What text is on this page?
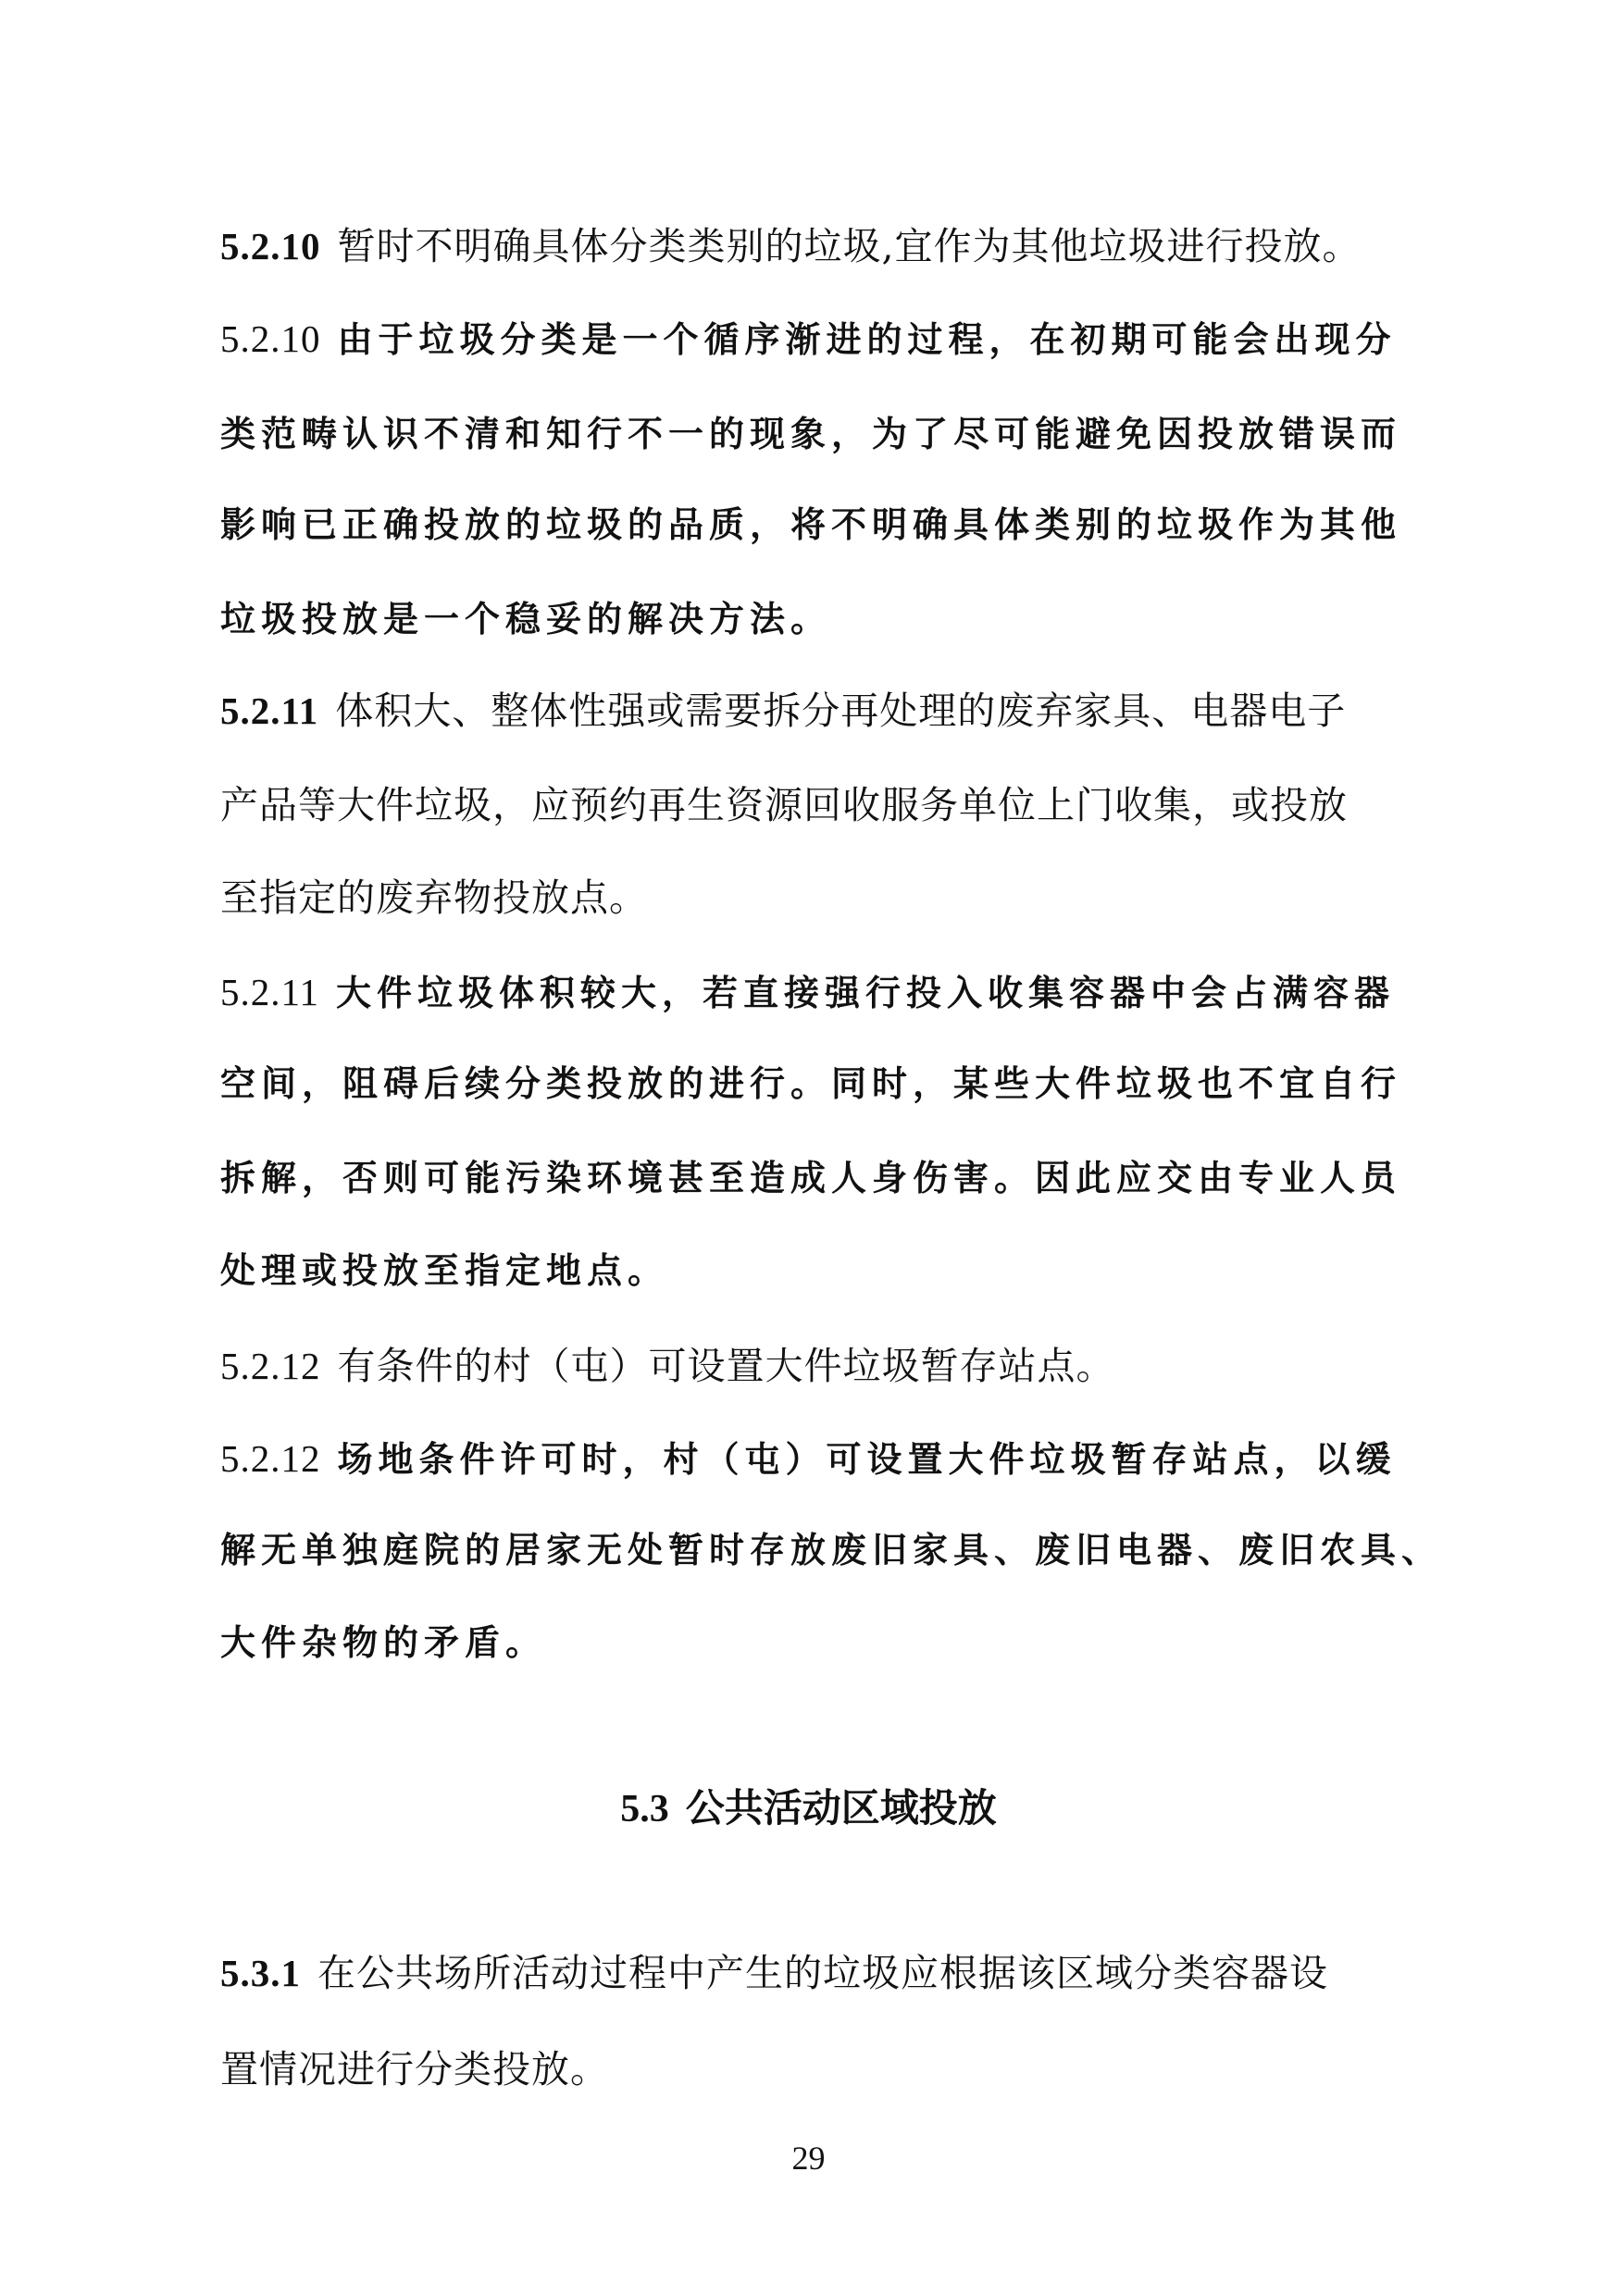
5.2.10 暂时不明确具体分类类别的垃圾,宜作为其他垃圾进行投放。
5.2.10 由于垃圾分类是一个循序渐进的过程，在初期可能会出现分
类范畴认识不清和知行不一的现象，为了尽可能避免因投放错误而
影响已正确投放的垃圾的品质，将不明确具体类别的垃圾作为其他
垃圾投放是一个稳妥的解决方法。
5.2.11 体积大、整体性强或需要拆分再处理的废弃家具、电器电子
产品等大件垃圾，应预约再生资源回收服务单位上门收集，或投放
至指定的废弃物投放点。
5.2.11 大件垃圾体积较大，若直接强行投入收集容器中会占满容器
空间，阻碍后续分类投放的进行。同时，某些大件垃圾也不宜自行
拆解，否则可能污染环境甚至造成人身伤害。因此应交由专业人员
处理或投放至指定地点。
5.2.12 有条件的村（屯）可设置大件垃圾暂存站点。
5.2.12 场地条件许可时，村（屯）可设置大件垃圾暂存站点，以缓
解无单独庭院的居家无处暂时存放废旧家具、废旧电器、废旧农具、
大件杂物的矛盾。
5.3 公共活动区域投放
5.3.1 在公共场所活动过程中产生的垃圾应根据该区域分类容器设
置情况进行分类投放。
29
